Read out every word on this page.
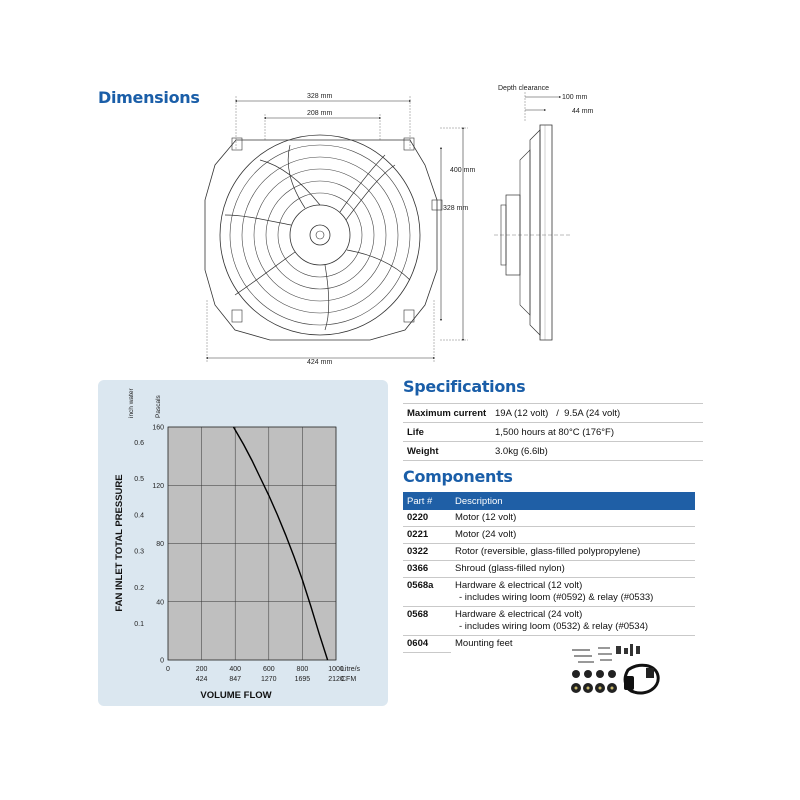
Dimensions	328 mm
208 mm
424 mm
400 mm
328 mm
Depth clearance
100 mm
44 mm
0	200	400	600	800	1000
424	847	1270	1695	2120
Litre/s
CFM
0
40
80
120
160
0.1
0.2
0.3
0.4
0.5
0.6
inch water	Pascals
FAN INLET TOTAL PRESSURE
VOLUME FLOW
Specifications
Maximum current	19A (12 volt)   /  9.5A (24 volt)
Life	1,500 hours at 80°C (176°F)
Weight	3.0kg (6.6lb)
Components
Part #	Description
0220	Motor (12 volt)
0221	Motor (24 volt)
0322	Rotor (reversible, glass-filled polypropylene)
0366	Shroud (glass-filled nylon)
0568a	Hardware & electrical (12 volt)
- includes wiring loom (#0592) & relay (#0533)

0568	Hardware & electrical (24 volt)
- includes wiring loom (0532) & relay (#0534)

0604	Mounting feet
